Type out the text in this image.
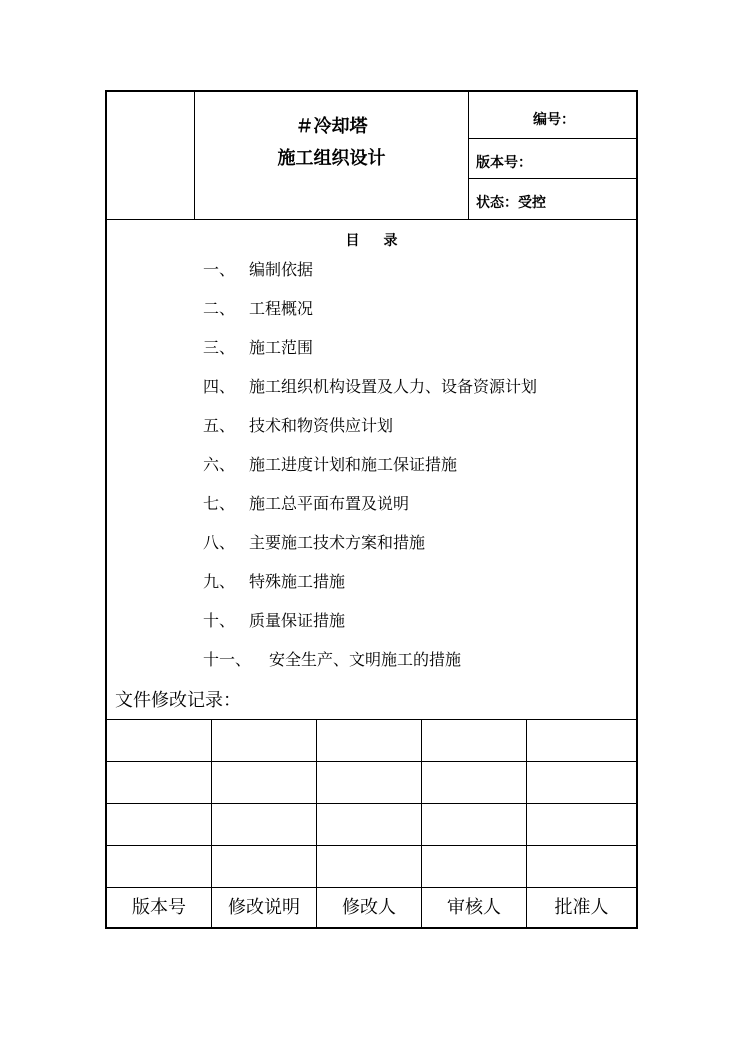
＃冷却塔
施工组织设计
编号：
版本号：
状态：受控
目录
一、 编制依据
二、 工程概况
三、 施工范围
四、 施工组织机构设置及人力、设备资源计划
五、 技术和物资供应计划
六、 施工进度计划和施工保证措施
七、 施工总平面布置及说明
八、 主要施工技术方案和措施
九、 特殊施工措施
十、 质量保证措施
十一、 安全生产、文明施工的措施
文件修改记录：
版本号	修改说明	修改人	审核人	批准人
